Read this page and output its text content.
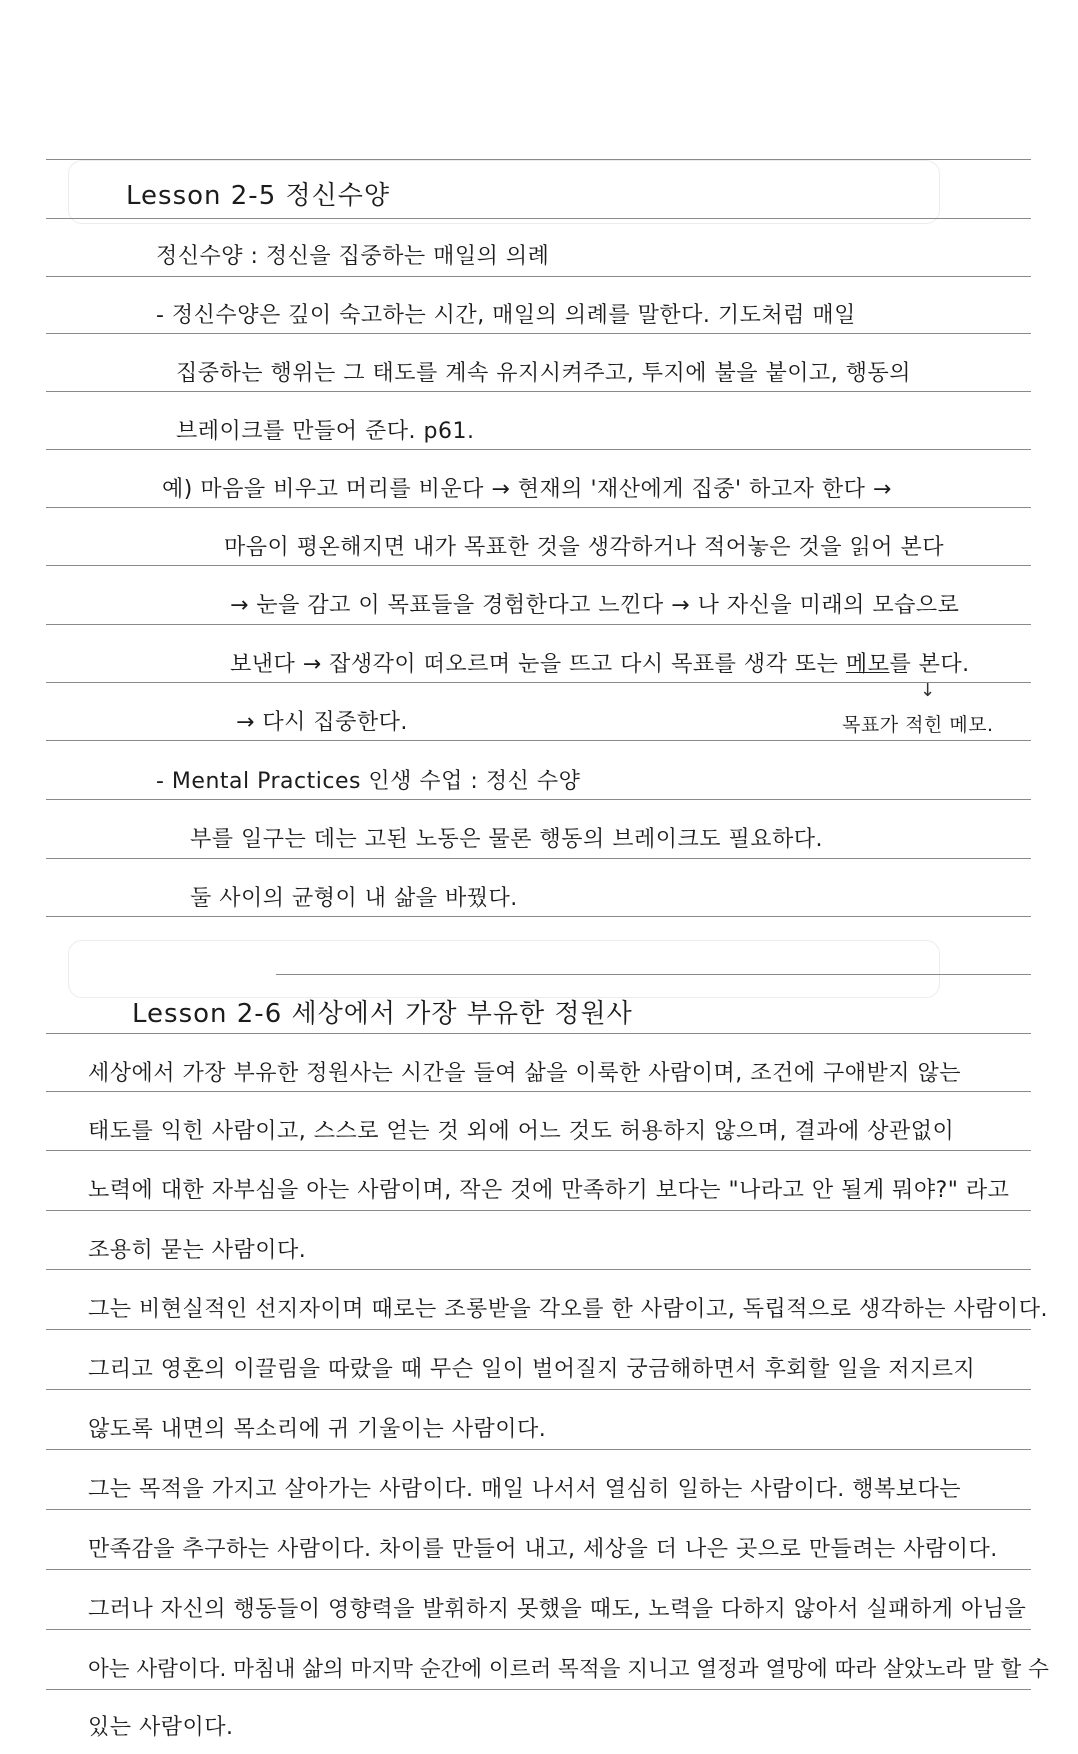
Lesson 2-5 정신수양
정신수양 : 정신을 집중하는 매일의 의례
- 정신수양은 깊이 숙고하는 시간, 매일의 의례를 말한다. 기도처럼 매일
집중하는 행위는 그 태도를 계속 유지시켜주고, 투지에 불을 붙이고, 행동의
브레이크를 만들어 준다. p61.
예) 마음을 비우고 머리를 비운다 → 현재의 '재산에게 집중' 하고자 한다 →
마음이 평온해지면 내가 목표한 것을 생각하거나 적어놓은 것을 읽어 본다
→ 눈을 감고 이 목표들을 경험한다고 느낀다 → 나 자신을 미래의 모습으로
보낸다 → 잡생각이 떠오르며 눈을 뜨고 다시 목표를 생각 또는 메모를 본다.
↓
→ 다시 집중한다.	목표가 적힌 메모.
- Mental Practices 인생 수업 : 정신 수양
부를 일구는 데는 고된 노동은 물론 행동의 브레이크도 필요하다.
둘 사이의 균형이 내 삶을 바꿨다.
Lesson 2-6 세상에서 가장 부유한 정원사
세상에서 가장 부유한 정원사는 시간을 들여 삶을 이룩한 사람이며, 조건에 구애받지 않는
태도를 익힌 사람이고, 스스로 얻는 것 외에 어느 것도 허용하지 않으며, 결과에 상관없이
노력에 대한 자부심을 아는 사람이며, 작은 것에 만족하기 보다는 "나라고 안 될게 뭐야?" 라고
조용히 묻는 사람이다.
그는 비현실적인 선지자이며 때로는 조롱받을 각오를 한 사람이고, 독립적으로 생각하는 사람이다.
그리고 영혼의 이끌림을 따랐을 때 무슨 일이 벌어질지 궁금해하면서 후회할 일을 저지르지
않도록 내면의 목소리에 귀 기울이는 사람이다.
그는 목적을 가지고 살아가는 사람이다. 매일 나서서 열심히 일하는 사람이다. 행복보다는
만족감을 추구하는 사람이다. 차이를 만들어 내고, 세상을 더 나은 곳으로 만들려는 사람이다.
그러나 자신의 행동들이 영향력을 발휘하지 못했을 때도, 노력을 다하지 않아서 실패하게 아님을
아는 사람이다. 마침내 삶의 마지막 순간에 이르러 목적을 지니고 열정과 열망에 따라 살았노라 말 할 수
있는 사람이다.
